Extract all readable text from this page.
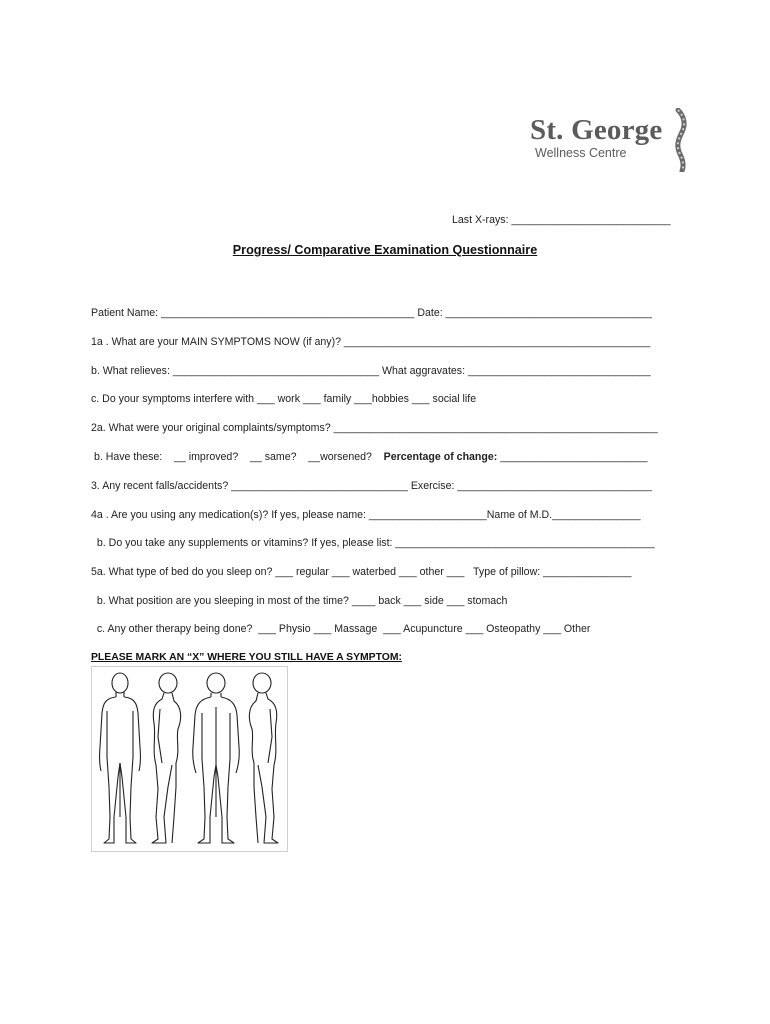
St. George
Wellness Centre
Last X-rays: ___________________________
Progress/ Comparative Examination Questionnaire
Patient Name: ___________________________________________ Date: ___________________________________
1a . What are your MAIN SYMPTOMS NOW (if any)? ____________________________________________________
b. What relieves: ___________________________________ What aggravates: _______________________________
c. Do your symptoms interfere with ___ work ___ family ___hobbies ___ social life
2a. What were your original complaints/symptoms? _______________________________________________________
b. Have these:    __ improved?    __ same?    __worsened?    Percentage of change: _________________________
3. Any recent falls/accidents? ______________________________ Exercise: _________________________________
4a . Are you using any medication(s)? If yes, please name: ____________________Name of M.D._______________
b. Do you take any supplements or vitamins? If yes, please list: ____________________________________________
5a. What type of bed do you sleep on? ___ regular ___ waterbed ___ other ___   Type of pillow: _______________
b. What position are you sleeping in most of the time? ____ back ___ side ___ stomach
c. Any other therapy being done?  ___ Physio ___ Massage  ___ Acupuncture ___ Osteopathy ___ Other
PLEASE MARK AN “X” WHERE YOU STILL HAVE A SYMPTOM:
